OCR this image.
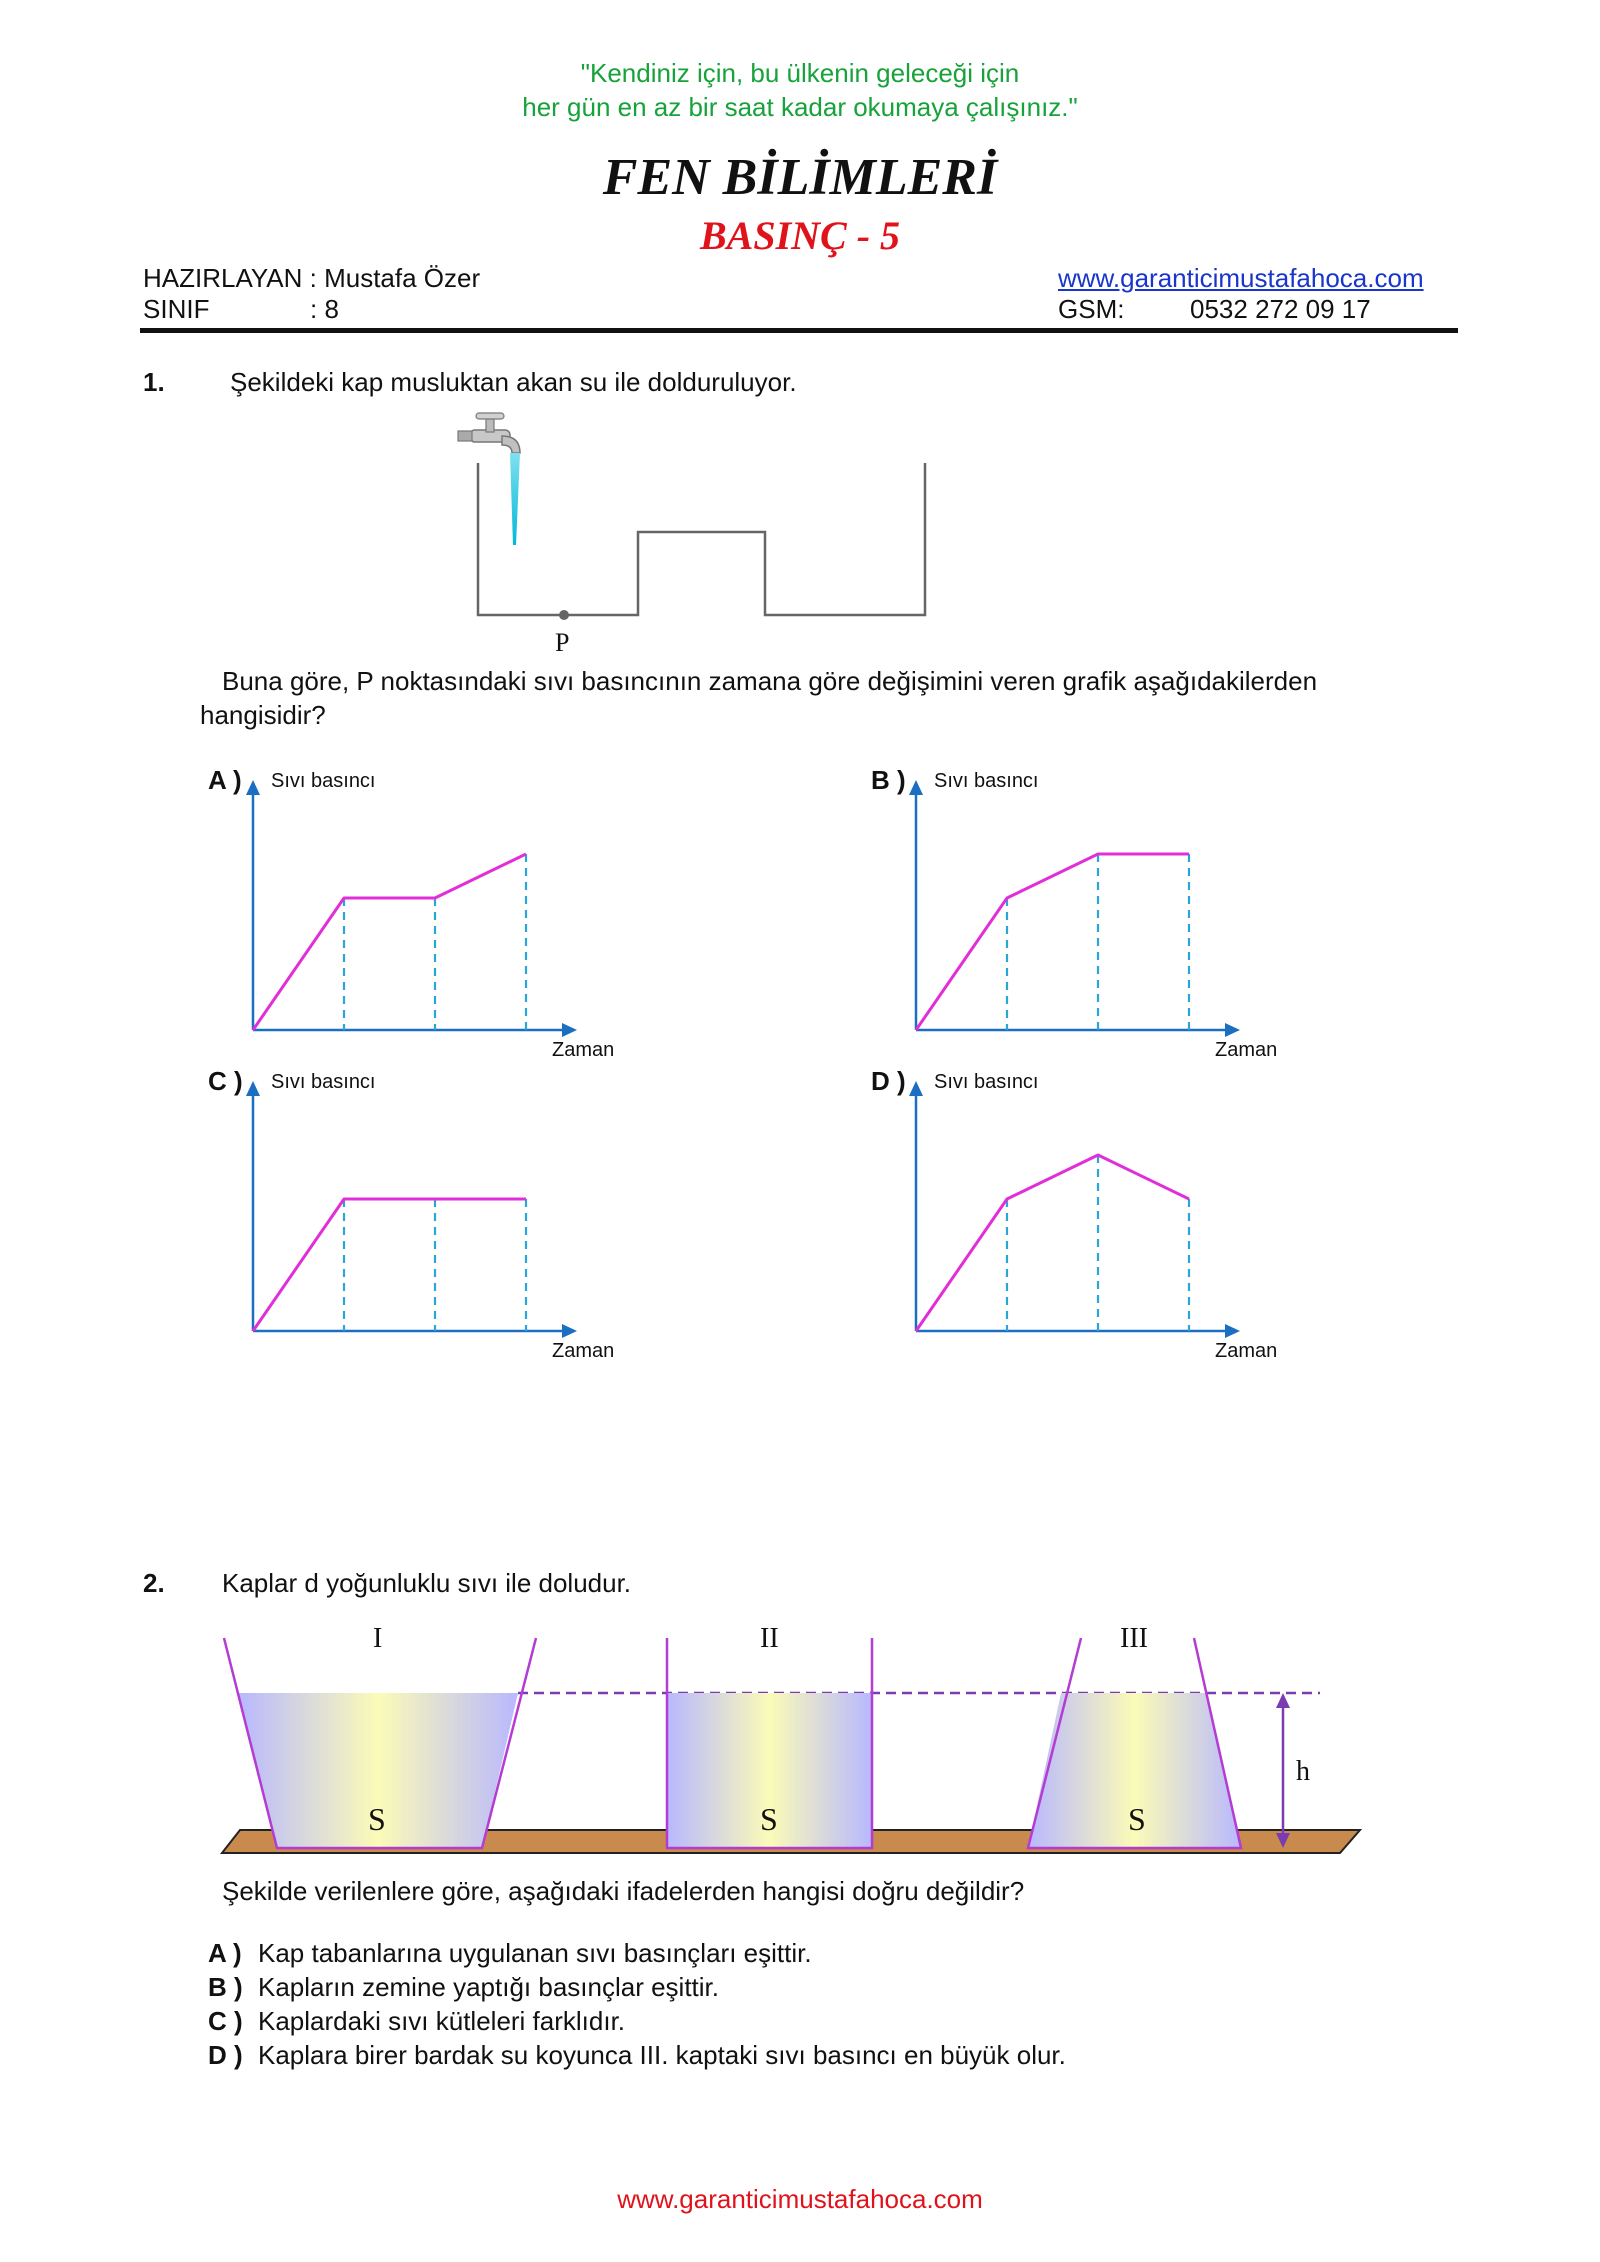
"Kendiniz için, bu ülkenin geleceği için
her gün en az bir saat kadar okumaya çalışınız."
FEN BİLİMLERİ
BASINÇ - 5
HAZIRLAYAN : Mustafa Özer
SINIF	: 8
www.garanticimustafahoca.com
GSM:	0532 272 09 17
1.	Şekildeki kap musluktan akan su ile dolduruluyor.
P
Buna göre, P noktasındaki sıvı basıncının zamana göre değişimini veren grafik aşağıdakilerden
hangisidir?
A ) Sıvı basıncı
Zaman
B ) Sıvı basıncı
Zaman
C ) Sıvı basıncı
Zaman
D ) Sıvı basıncı
Zaman
2. Kaplar d yoğunluklu sıvı ile doludur.
I
S
II
S
III
S
h
Şekilde verilenlere göre, aşağıdaki ifadelerden hangisi doğru değildir?
A ) Kap tabanlarına uygulanan sıvı basınçları eşittir.
B ) Kapların zemine yaptığı basınçlar eşittir.
C ) Kaplardaki sıvı kütleleri farklıdır.
D ) Kaplara birer bardak su koyunca III. kaptaki sıvı basıncı en büyük olur.
www.garanticimustafahoca.com
